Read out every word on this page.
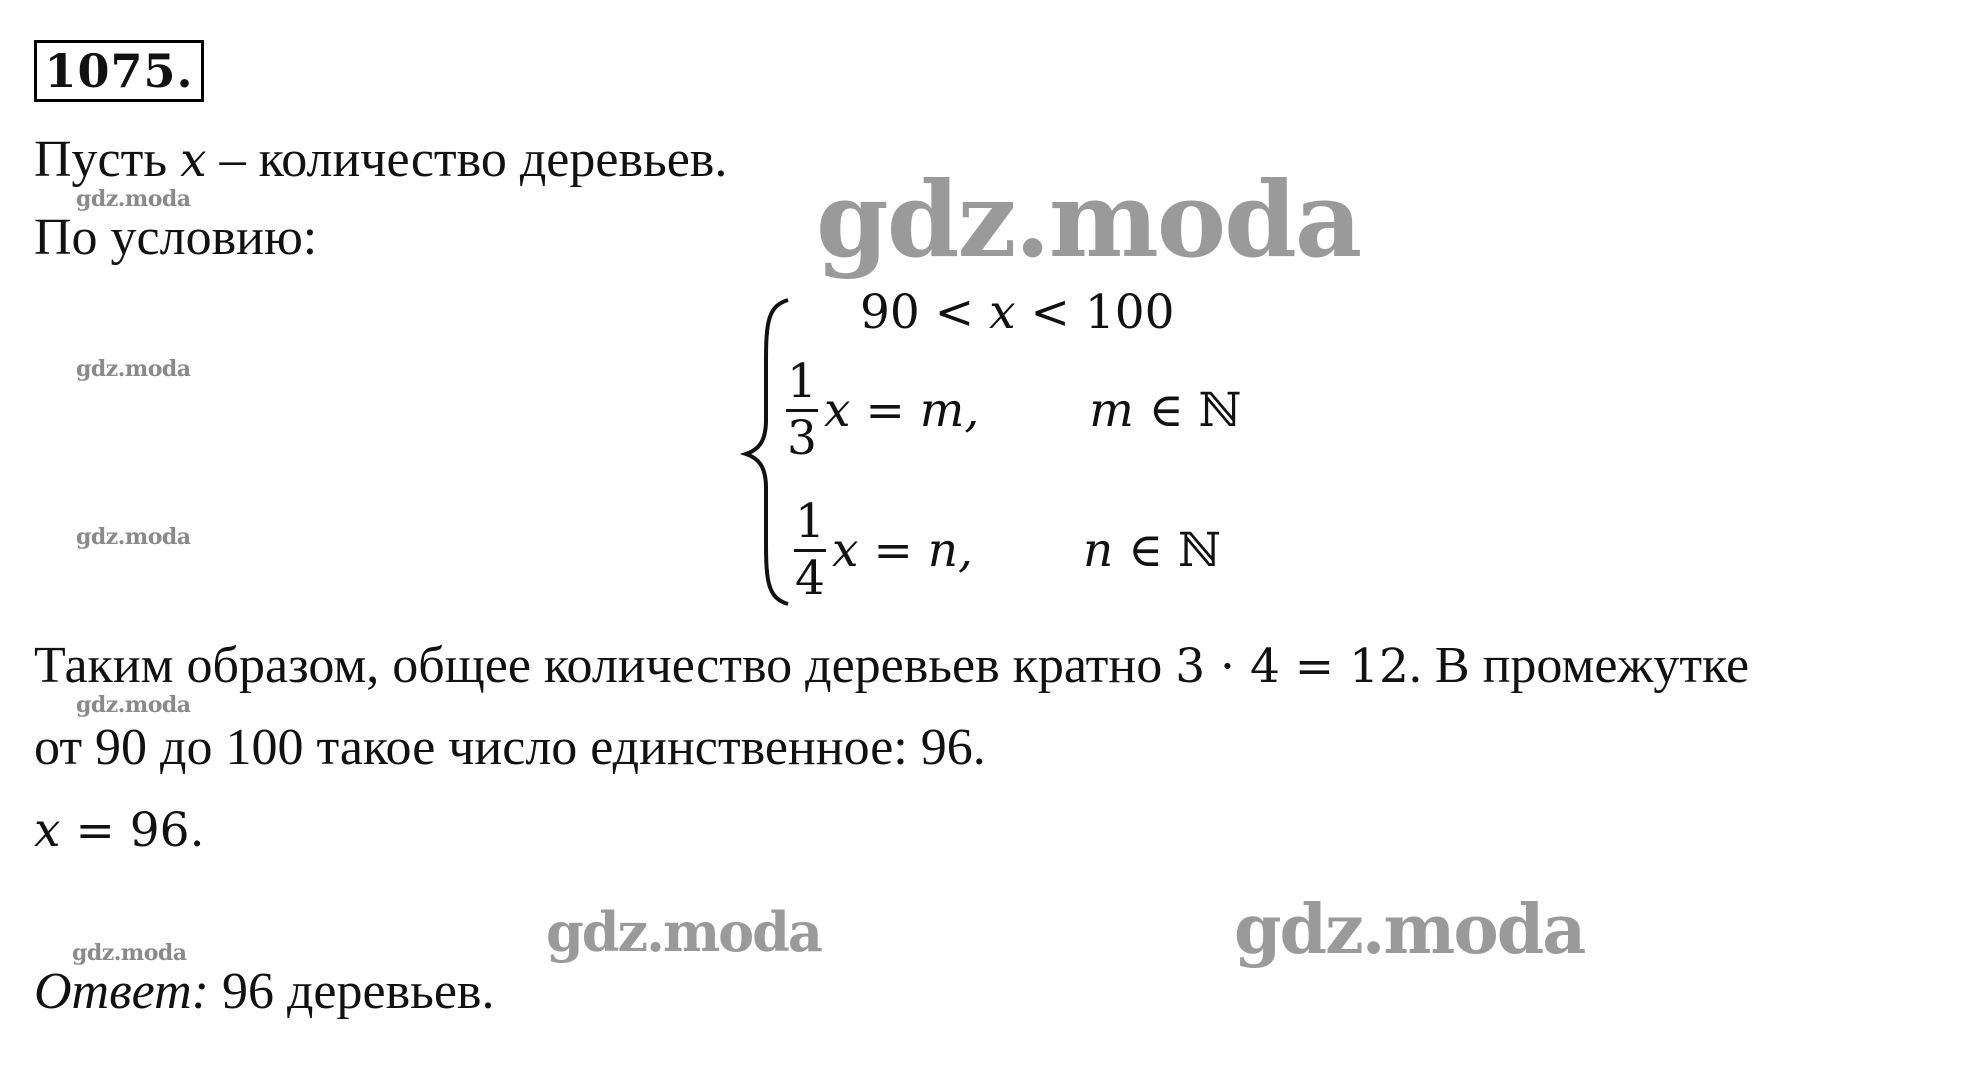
1075.
Пусть x – количество деревьев.
По условию:
90 < x < 100
$\frac{1}{3}$ x = m, m ∈ ℕ
$\frac{1}{4}$ x = n, n ∈ ℕ
Таким образом, общее количество деревьев кратно 3 · 4 = 12. В промежутке
от 90 до 100 такое число единственное: 96.
x = 96.
Ответ: 96 деревьев.
gdz.moda
gdz.moda
gdz.moda
gdz.moda
gdz.moda
gdz.moda
gdz.moda	gdz.moda
